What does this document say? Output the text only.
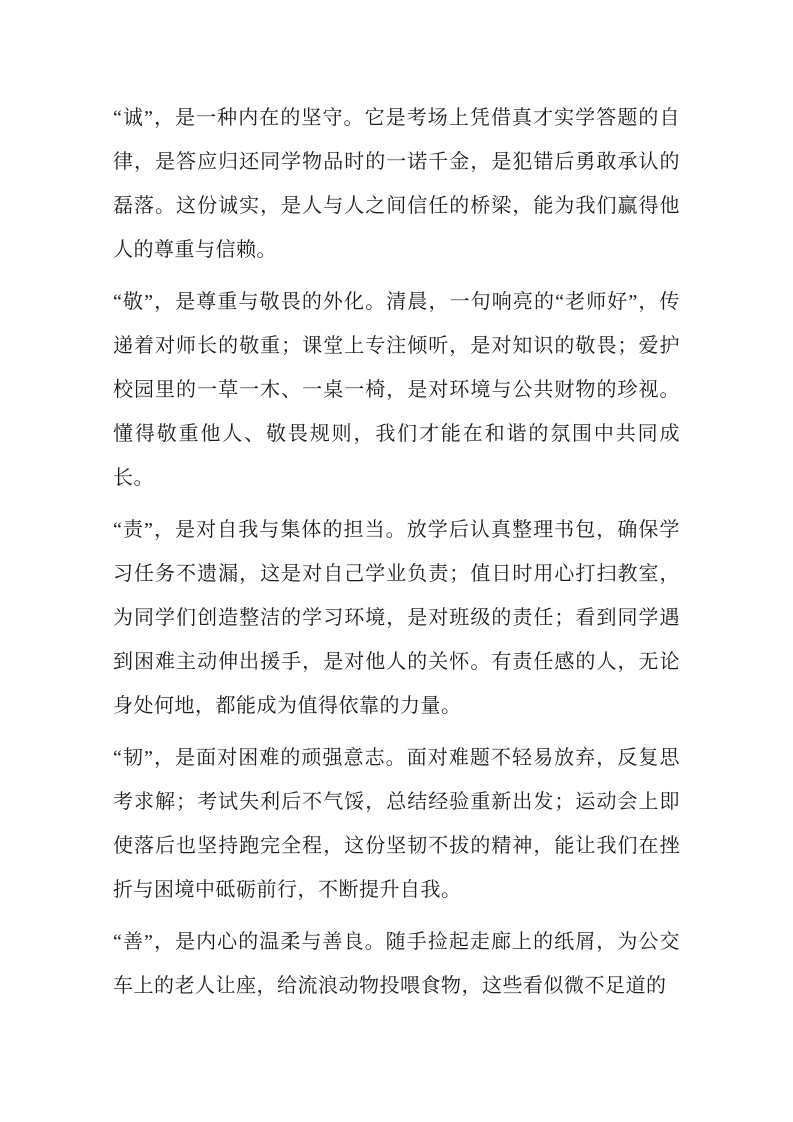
“诚”，是一种内在的坚守。它是考场上凭借真才实学答题的自律，是答应归还同学物品时的一诺千金，是犯错后勇敢承认的磊落。这份诚实，是人与人之间信任的桥梁，能为我们赢得他人的尊重与信赖。

“敬”，是尊重与敬畏的外化。清晨，一句响亮的“老师好”，传递着对师长的敬重；课堂上专注倾听，是对知识的敬畏；爱护校园里的一草一木、一桌一椅，是对环境与公共财物的珍视。懂得敬重他人、敬畏规则，我们才能在和谐的氛围中共同成长。

“责”，是对自我与集体的担当。放学后认真整理书包，确保学习任务不遗漏，这是对自己学业负责；值日时用心打扫教室，为同学们创造整洁的学习环境，是对班级的责任；看到同学遇到困难主动伸出援手，是对他人的关怀。有责任感的人，无论身处何地，都能成为值得依靠的力量。

“韧”，是面对困难的顽强意志。面对难题不轻易放弃，反复思考求解；考试失利后不气馁，总结经验重新出发；运动会上即使落后也坚持跑完全程，这份坚韧不拔的精神，能让我们在挫折与困境中砥砺前行，不断提升自我。

“善”，是内心的温柔与善良。随手捡起走廊上的纸屑，为公交车上的老人让座，给流浪动物投喂食物，这些看似微不足道的
